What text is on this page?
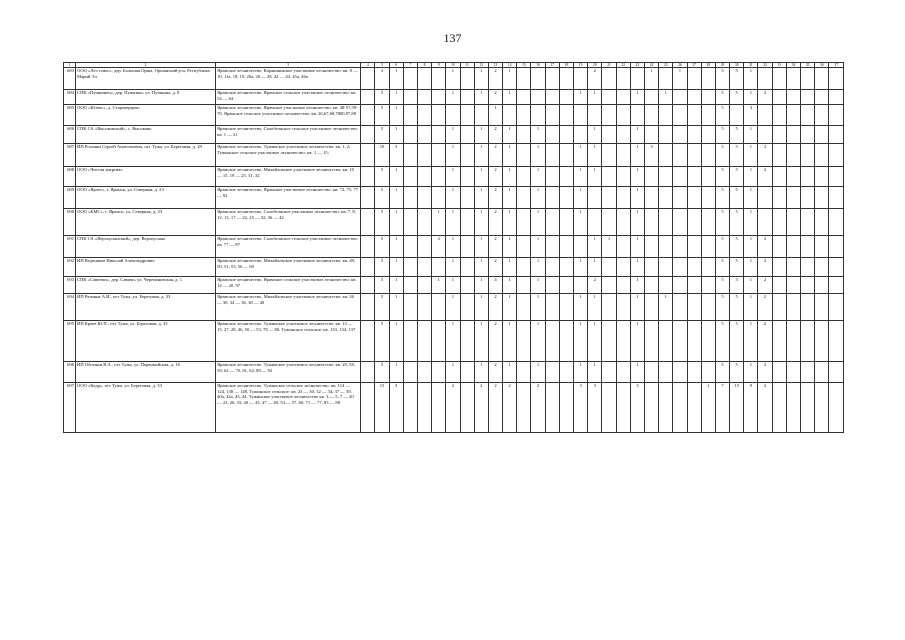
137
1	2	3	4	5	6	7	8	9	10	11	12	13	14	15	16	17	18	19	20	21	22	23	24	25	26	27	28	29	30	31	32	33	34	35	36	37
683	ООО «Лес-плюс», дер. Большая Орша, Оршанский р-н, Республика Марий Эл	Ярамское лесничество, Караишинское участковое лесничество: кв. 8 — 10, 11а, 18, 19, 20а, 26 — 28, 42 — 44, 45а, 46а		3	1				1		1	2	1						2				1		1			5	5	1						
684	СПК «Пушкинец», дер. Пушкино, ул. Пушкина, д. 8	Ярамское лесничество, Ярамское сельское участковое лесничество: кв. 54 — 64		5	1				1		1	2	1					1	1			1		1				5	5	1	2					
685	ООО «Ютекс», д. Староверцево	Ярамское лесничество, Ярамское участковое лесничество: кв. 48-57,59-70, Ярамское сельское участковое лесничество: кв. 26,67,68,7880,87,88		5	1							1																5		3						
686	СПК СА «Высоковский», с. Высоково	Ярамское лесничество, Салобеляское сельское участковое лесничество: кв. 1 — 21		5	1				1		1	2	1		1				1			1						5	5	1						
687	ИП Роганин Сергей Анатольевич, пгт Тужа, ул. Береговая, д. 29	Ярамское лесничество, Тужинское участковое лесничество: кв. 1, 2; Тужинское сельское участковое лесничество: кв. 1 — 15;		10	3				1		1	2	1		1			1	1			1	3					5	5	1	2					
688	ООО «Чистая энергия»	Ярамское лесничество, Михайловское участковое лесничество: кв. 10 — 15, 19 — 25, 31, 32		5	1				1		1	2	1		1			1	1			1						5	5	1	2					
689	ООО «Ярлес», г. Ярамск, ул. Северная, д. 23	Ярамское лесничество, Ярамское участковое лесничество: кв. 72, 75, 77 — 92		5	1				1		1	2	1		1			1				1						5	5	1						
690	ООО «КМС», г. Ярамск, ул. Северная, д. 23	Ярамское лесничество, Салобеляское участковое лесничество: кв. 7, 8, 12, 13, 17 — 22, 25 — 32, 36 — 42		5	1			1	1		1	2	1		1			1				1						5	5	1						
691	СПК СА «Верхоусынский», дер. Верхоусыно	Ярамское лесничество, Салобеляское сельское участковое лесничество: кв. 77 — 87		5	1			2	1		1	2	1		1				1	1		1						5	5	1	2					
692	ИП Веденяков Николай Александрович	Ярамское лесничество, Михайловское участковое лесничество: кв. 49, 50, 51, 53, 56 — 60		5	1				1		1	2	1		1			1	1			1						5	5	1	2					
693	СПК «Савиччи», дер. Савичи, ул. Черепановская, д. 1	Ярамское лесничество, Ярамское сельское участковое лесничество: кв. 14 — 20, 97		5	1			1	1		1	4	1		1				2			1						5	3	1	2					
694	ИП Рюмина А.И., пгт Тужа, ул. Береговая, д. 33	Ярамское лесничество, Михайловское участковое лесничество: кв. 26 — 30, 34 — 36, 38 — 40		5	1				1		1	2	1		1			1	1			1		1				5	5	1	2					
695	ИП Краев Ю.П., пгт Тужа, ул. Береговая, д. 33	Ярамское лесничество, Тужинское участковое лесничество: кв. 13 — 15, 27, 28, 46, 50 — 53, 78 — 80, Тужинское сельское: кв. 133, 134, 137		5	1				1		1	2	1		1			1	1			1						5	5	1	2					
696	ИП Оботнин В.А., пгт Тужа, ул. Первомайская, д. 16	Ярамское лесничество, Тужинское участковое лесничество: кв. 29, 58, 59, 62 — 70, 81, 82, 89 — 92		5	1				1		1	2	1		1			1	1			1						5	5	1	2					
697	ООО «Кедр», пгт Тужа, ул. Береговая, д. 33	Ярамское лесничество, Тужинское сельское лесничество: кв. 114 — 124, 138 — 148, Тужинское сельское: кв. 25 — 30, 32 — 34, 37 — 39, 40а, 42а, 43, 44, Тужинское участковое лесничество кв. 3 — 5, 7 — 20 — 23, 26, 33, 40 — 43, 47 — 49, 54 — 57, 60, 71 — 77, 83 — 88		15	3				2		2	2	2		2			3	3			3					1	7	15	9	2					
